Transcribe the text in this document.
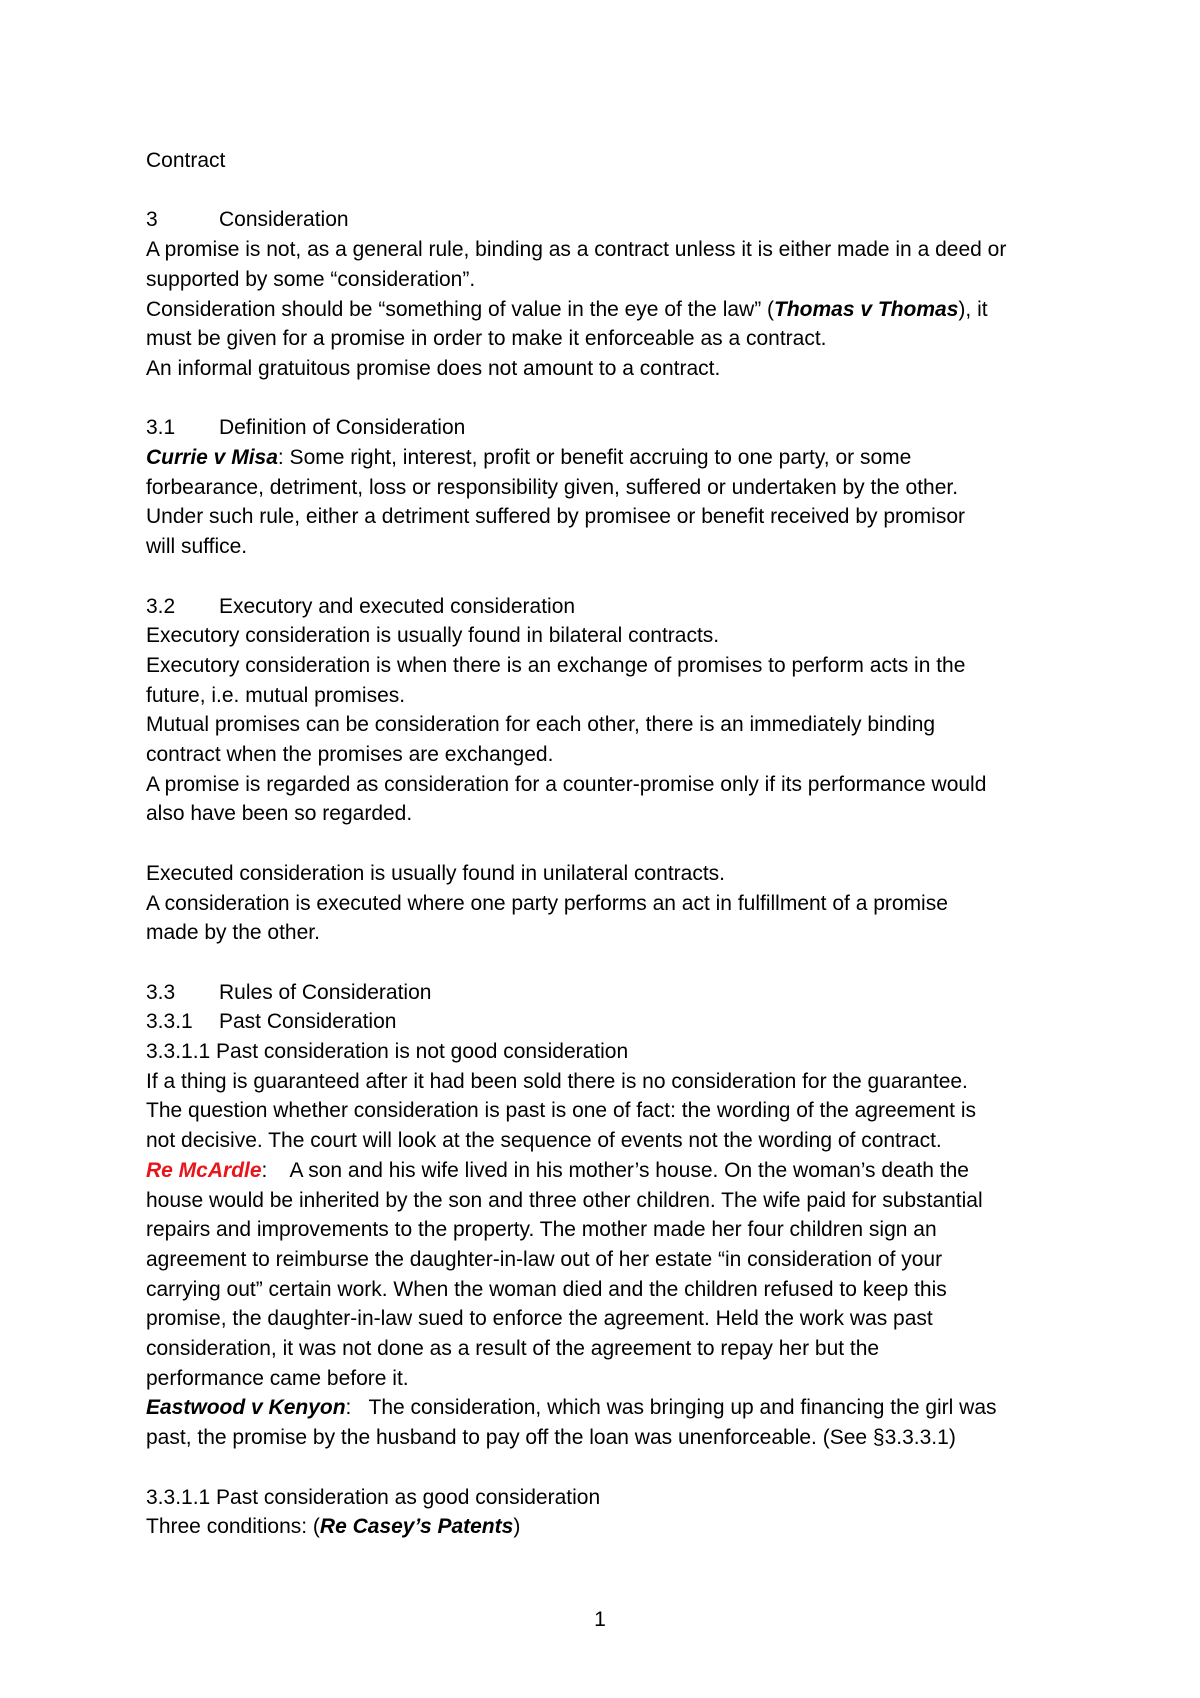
Contract
3	Consideration
A promise is not, as a general rule, binding as a contract unless it is either made in a deed or
supported by some “consideration”.
Consideration should be “something of value in the eye of the law” (Thomas v Thomas), it
must be given for a promise in order to make it enforceable as a contract.
An informal gratuitous promise does not amount to a contract.
3.1 Definition of Consideration
Currie v Misa: Some right, interest, profit or benefit accruing to one party, or some
forbearance, detriment, loss or responsibility given, suffered or undertaken by the other.
Under such rule, either a detriment suffered by promisee or benefit received by promisor
will suffice.
3.2 Executory and executed consideration
Executory consideration is usually found in bilateral contracts.
Executory consideration is when there is an exchange of promises to perform acts in the
future, i.e. mutual promises.
Mutual promises can be consideration for each other, there is an immediately binding
contract when the promises are exchanged.
A promise is regarded as consideration for a counter-promise only if its performance would
also have been so regarded.
Executed consideration is usually found in unilateral contracts.
A consideration is executed where one party performs an act in fulfillment of a promise
made by the other.
3.3 Rules of Consideration
3.3.1 Past Consideration
3.3.1.1 Past consideration is not good consideration
If a thing is guaranteed after it had been sold there is no consideration for the guarantee.
The question whether consideration is past is one of fact: the wording of the agreement is
not decisive. The court will look at the sequence of events not the wording of contract.
Re McArdle:    A son and his wife lived in his mother’s house. On the woman’s death the
house would be inherited by the son and three other children. The wife paid for substantial
repairs and improvements to the property. The mother made her four children sign an
agreement to reimburse the daughter-in-law out of her estate “in consideration of your
carrying out” certain work. When the woman died and the children refused to keep this
promise, the daughter-in-law sued to enforce the agreement. Held the work was past
consideration, it was not done as a result of the agreement to repay her but the
performance came before it.
Eastwood v Kenyon:   The consideration, which was bringing up and financing the girl was
past, the promise by the husband to pay off the loan was unenforceable. (See §3.3.3.1)
3.3.1.1 Past consideration as good consideration
Three conditions: (Re Casey’s Patents)
1
